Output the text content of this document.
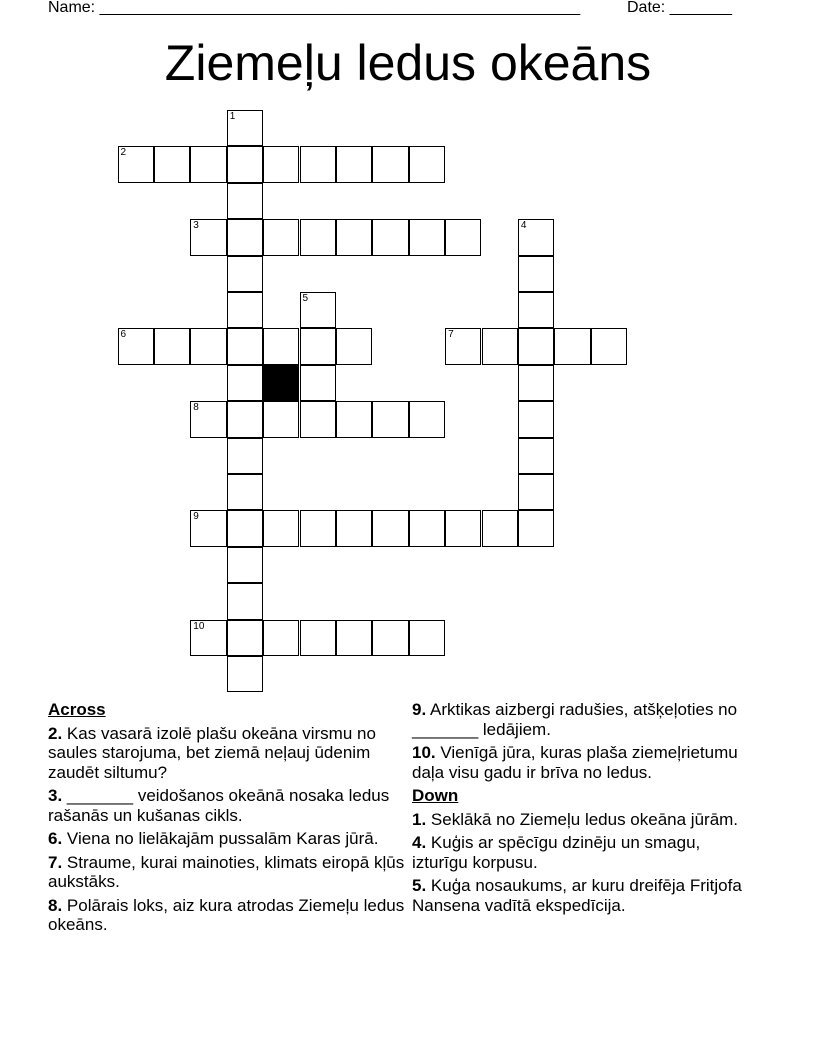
Name: ______________________________________________________	Date: _______
Ziemeļu ledus okeāns
1
2
3	4
5
6	7
8
9
10
Across
2. Kas vasarā izolē plašu okeāna virsmu no saules starojuma, bet ziemā neļauj ūdenim zaudēt siltumu?
3. _______ veidošanos okeānā nosaka ledus rašanās un kušanas cikls.
6. Viena no lielākajām pussalām Karas jūrā.
7. Straume, kurai mainoties, klimats eiropā kļūs aukstāks.
8. Polārais loks, aiz kura atrodas Ziemeļu ledus okeāns.
9. Arktikas aizbergi radušies, atšķeļoties no _______ ledājiem.
10. Vienīgā jūra, kuras plaša ziemeļrietumu daļa visu gadu ir brīva no ledus.
Down
1. Seklākā no Ziemeļu ledus okeāna jūrām.
4. Kuģis ar spēcīgu dzinēju un smagu, izturīgu korpusu.
5. Kuģa nosaukums, ar kuru dreifēja Fritjofa Nansena vadītā ekspedīcija.
